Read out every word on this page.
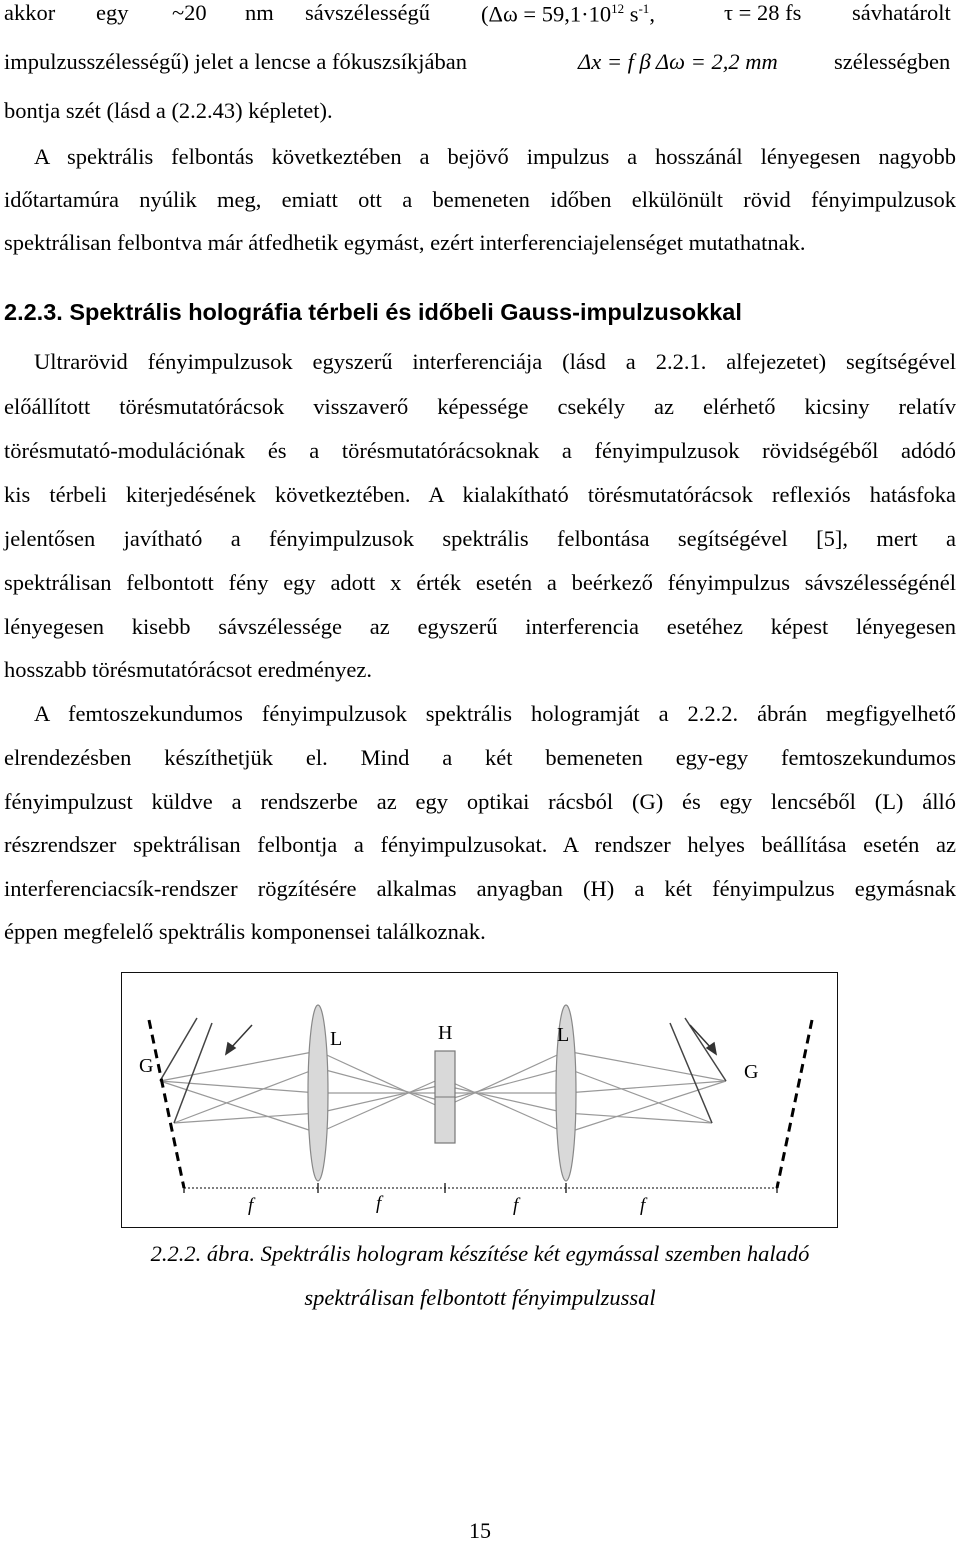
akkor egy ~20 nm sávszélességű ($\Delta\omega = 59,1\cdot 10^{12}$ $s^{-1}$,	τ = 28 fs sávhatárolt
impulzusszélességű) jelet a lencse a fókuszsíkjában	Δx = f β Δω = 2,2 mm	szélességben
bontja szét (lásd a (2.2.43) képletet).
A spektrális felbontás következtében a bejövő impulzus a hosszánál lényegesen nagyobb
időtartamúra nyúlik meg, emiatt ott a bemeneten időben elkülönült rövid fényimpulzusok
spektrálisan felbontva már átfedhetik egymást, ezért interferenciajelenséget mutathatnak.
2.2.3. Spektrális holográfia térbeli és időbeli Gauss-impulzusokkal
Ultrarövid fényimpulzusok egyszerű interferenciája (lásd a 2.2.1. alfejezetet) segítségével
előállított törésmutatórácsok visszaverő képessége csekély az elérhető kicsiny relatív
törésmutató-modulációnak és a törésmutatórácsoknak a fényimpulzusok rövidségéből adódó
kis térbeli kiterjedésének következtében. A kialakítható törésmutatórácsok reflexiós hatásfoka
jelentősen javítható a fényimpulzusok spektrális felbontása segítségével [5], mert a
spektrálisan felbontott fény egy adott x érték esetén a beérkező fényimpulzus sávszélességénél
lényegesen kisebb sávszélessége az egyszerű interferencia esetéhez képest lényegesen
hosszabb törésmutatórácsot eredményez.
A femtoszekundumos fényimpulzusok spektrális hologramját a 2.2.2. ábrán megfigyelhető
elrendezésben készíthetjük el. Mind a két bemeneten egy-egy femtoszekundumos
fényimpulzust küldve a rendszerbe az egy optikai rácsból (G) és egy lencséből (L) álló
részrendszer spektrálisan felbontja a fényimpulzusokat. A rendszer helyes beállítása esetén az
interferenciacsík-rendszer rögzítésére alkalmas anyagban (H) a két fényimpulzus egymásnak
éppen megfelelő spektrális komponensei találkoznak.
G
L	H	L
G
f	f	f	f
2.2.2. ábra. Spektrális hologram készítése két egymással szemben haladó
spektrálisan felbontott fényimpulzussal
15
